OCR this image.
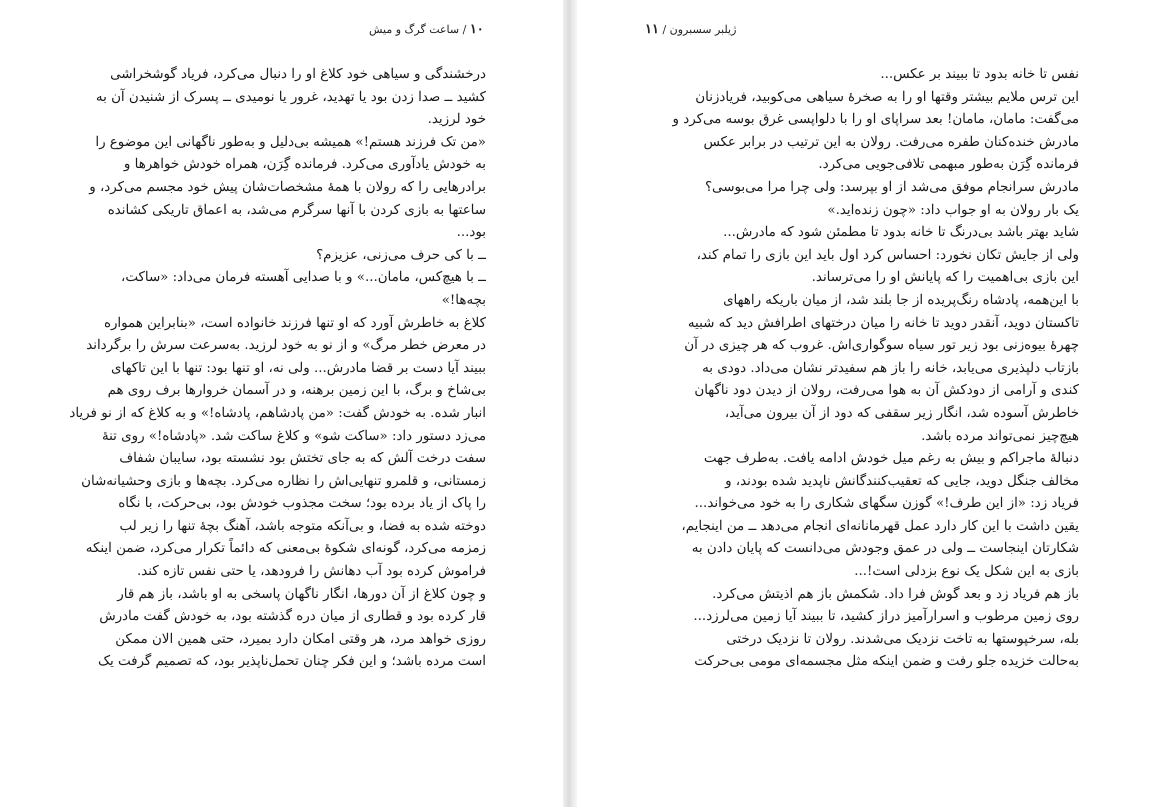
۱۰ / ساعت گرگ و میش
درخشندگی و سیاهی خود کلاغ او را دنبال می‌کرد، فریاد گوشخراشی
کشید ــ صدا زدن بود یا تهدید، غرور یا نومیدی ــ پسرک از شنیدن آن به
خود لرزید.
«من تک فرزند هستم!» همیشه بی‌دلیل و به‌طور ناگهانی این موضوع را
به خودش یادآوری می‌کرد. فرمانده گِرَن، همراه خودش خواهرها و
برادرهایی را که رولان با همهٔ مشخصات‌شان پیش خود مجسم می‌کرد، و
ساعتها به بازی کردن با آنها سرگرم می‌شد، به اعماق تاریکی کشانده
بود...
ــ با کی حرف می‌زنی، عزیزم؟
ــ با هیچ‌کس، مامان...» و با صدایی آهسته فرمان می‌داد: «ساکت،
بچه‌ها!»
کلاغ به خاطرش آورد که او تنها فرزند خانواده است، «بنابراین همواره
در معرض خطر مرگ» و از نو به خود لرزید. به‌سرعت سرش را برگرداند
ببیند آیا دست بر قضا مادرش... ولی نه، او تنها بود: تنها با این تاکهای
بی‌شاخ و برگ، با این زمین برهنه، و در آسمان خروارها برف روی هم
انبار شده. به خودش گفت: «من پادشاهم، پادشاه!» و به کلاغ که از نو فریاد
می‌زد دستور داد: «ساکت شو» و کلاغ ساکت شد. «پادشاه!» روی تنهٔ
سفت درخت آلش که به جای تختش بود نشسته بود، سایبان شفاف
زمستانی، و قلمرو تنهایی‌اش را نظاره می‌کرد. بچه‌ها و بازی وحشیانه‌شان
را پاک از یاد برده بود؛ سخت مجذوب خودش بود، بی‌حرکت، با نگاه
دوخته شده به فضا، و بی‌آنکه متوجه باشد، آهنگ بچهٔ تنها را زیر لب
زمزمه می‌کرد، گونه‌ای شکوهٔ بی‌معنی که دائماً تکرار می‌کرد، ضمن اینکه
فراموش کرده بود آب دهانش را فرودهد، یا حتی نفس تازه کند.
و چون کلاغ از آن دورها، انگار ناگهان پاسخی به او باشد، باز هم قار
قار کرده بود و قطاری از میان دره گذشته بود، به خودش گفت مادرش
روزی خواهد مرد، هر وقتی امکان دارد بمیرد، حتی همین الان ممکن
است مرده باشد؛ و این فکر چنان تحمل‌ناپذیر بود، که تصمیم گرفت یک
ژیلبر سسبرون / ۱۱
نفس تا خانه بدود تا ببیند بر عکس...
این ترس ملایم بیشتر وقتها او را به صخرهٔ سیاهی می‌کوبید، فریادزنان
می‌گفت: مامان، مامان! بعد سراپای او را با دلواپسی غرق بوسه می‌کرد و
مادرش خنده‌کنان طفره می‌رفت. رولان به این ترتیب در برابر عکس
فرمانده گِرَن به‌طور مبهمی تلافی‌جویی می‌کرد.
مادرش سرانجام موفق می‌شد از او بپرسد: ولی چرا مرا می‌بوسی؟
یک بار رولان به او جواب داد: «چون زنده‌اید.»
شاید بهتر باشد بی‌درنگ تا خانه بدود تا مطمئن شود که مادرش...
ولی از جایش تکان نخورد: احساس کرد اول باید این بازی را تمام کند،
این بازی بی‌اهمیت را که پایانش او را می‌ترساند.
با این‌همه، پادشاه رنگ‌پریده از جا بلند شد، از میان باریکه راههای
تاکستان دوید، آنقدر دوید تا خانه را میان درختهای اطرافش دید که شبیه
چهرهٔ بیوه‌زنی بود زیر تور سیاه سوگواری‌اش. غروب که هر چیزی در آن
بازتاب دلپذیری می‌یابد، خانه را باز هم سفیدتر نشان می‌داد. دودی به
کندی و آرامی از دودکش آن به هوا می‌رفت، رولان از دیدن دود ناگهان
خاطرش آسوده شد، انگار زیر سقفی که دود از آن بیرون می‌آید،
هیچ‌چیز نمی‌تواند مرده باشد.
دنبالهٔ ماجراکم و بیش به رغم میل خودش ادامه یافت. به‌طرف جهت
مخالف جنگل دوید، جایی که تعقیب‌کنندگانش ناپدید شده بودند، و
فریاد زد: «از این طرف!» گوزن سگهای شکاری را به خود می‌خواند...
یقین داشت با این کار دارد عمل قهرمانانه‌ای انجام می‌دهد ــ من اینجایم،
شکارتان اینجاست ــ ولی در عمق وجودش می‌دانست که پایان دادن به
بازی به این شکل یک نوع بزدلی است!...
باز هم فریاد زد و بعد گوش فرا داد. شکمش باز هم اذیتش می‌کرد.
روی زمین مرطوب و اسرارآمیز دراز کشید، تا ببیند آیا زمین می‌لرزد...
بله، سرخپوستها به تاخت نزدیک می‌شدند. رولان تا نزدیک درختی
به‌حالت خزیده جلو رفت و ضمن اینکه مثل مجسمه‌ای مومی بی‌حرکت
